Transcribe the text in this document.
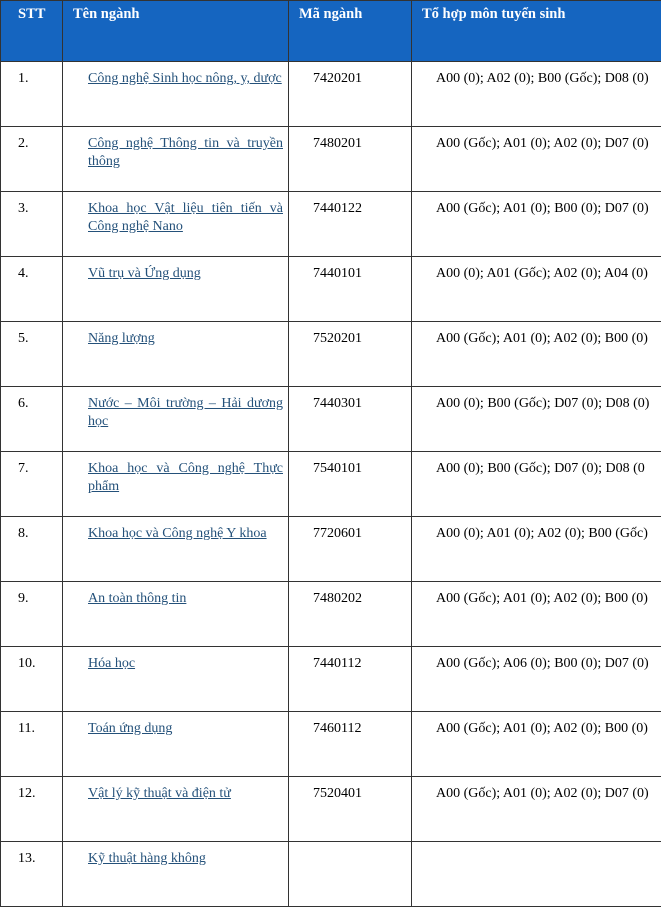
STT	Tên ngành	Mã ngành	Tổ hợp môn tuyển sinh
1.	Công nghệ Sinh học nông, y, dược	7420201	A00 (0); A02 (0); B00 (Gốc); D08 (0)
2.	Công nghệ Thông tin và truyền thông	7480201	A00 (Gốc); A01 (0); A02 (0); D07 (0)
3.	Khoa học Vật liệu tiên tiến và Công nghệ Nano	7440122	A00 (Gốc); A01 (0); B00 (0); D07 (0)
4.	Vũ trụ và Ứng dụng	7440101	A00 (0); A01 (Gốc); A02 (0); A04 (0)
5.	Năng lượng	7520201	A00 (Gốc); A01 (0); A02 (0); B00 (0)
6.	Nước – Môi trường – Hải dương học	7440301	A00 (0); B00 (Gốc); D07 (0); D08 (0)
7.	Khoa học và Công nghệ Thực phẩm	7540101	A00 (0); B00 (Gốc); D07 (0); D08 (0
8.	Khoa học và Công nghệ Y khoa	7720601	A00 (0); A01 (0); A02 (0); B00 (Gốc)
9.	An toàn thông tin	7480202	A00 (Gốc); A01 (0); A02 (0); B00 (0)
10.	Hóa học	7440112	A00 (Gốc); A06 (0); B00 (0); D07 (0)
11.	Toán ứng dụng	7460112	A00 (Gốc); A01 (0); A02 (0); B00 (0)
12.	Vật lý kỹ thuật và điện tử	7520401	A00 (Gốc); A01 (0); A02 (0); D07 (0)
13.	Kỹ thuật hàng không		
